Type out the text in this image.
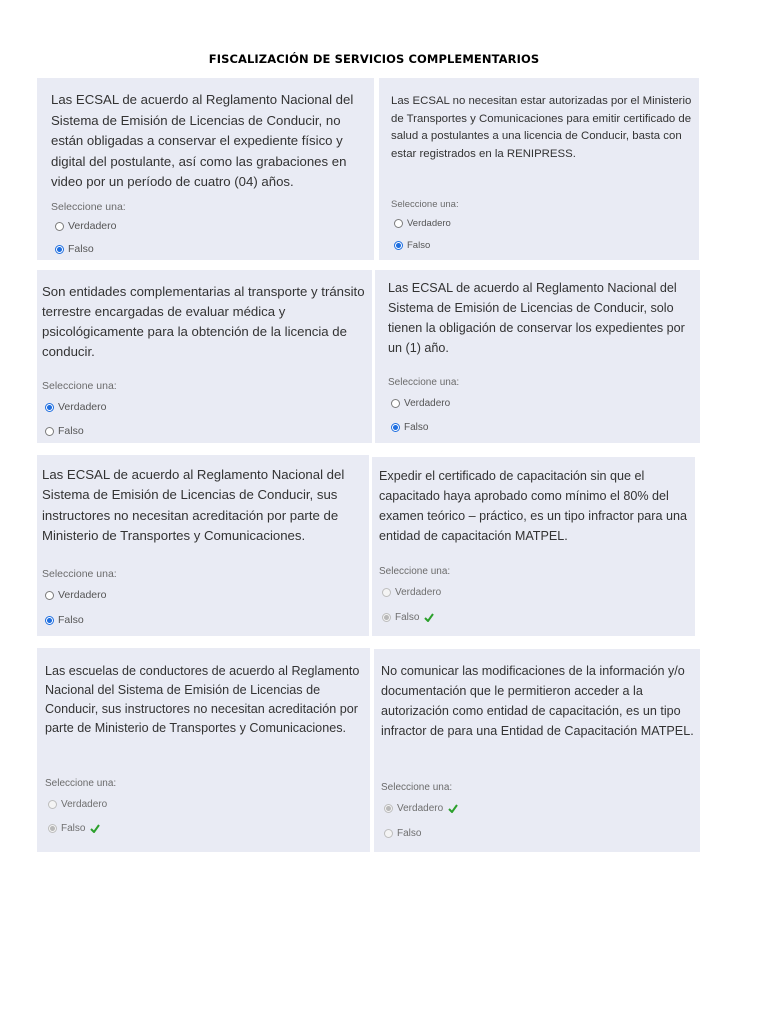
FISCALIZACIÓN DE SERVICIOS COMPLEMENTARIOS

Las ECSAL de acuerdo al Reglamento Nacional del Sistema de Emisión de Licencias de Conducir, no están obligadas a conservar el expediente físico y digital del postulante, así como las grabaciones en video por un período de cuatro (04) años.

Seleccione una:
Verdadero
Falso

Las ECSAL no necesitan estar autorizadas por el Ministerio de Transportes y Comunicaciones para emitir certificado de salud a postulantes a una licencia de Conducir, basta con estar registrados en la RENIPRESS.

Seleccione una:
Verdadero
Falso

Son entidades complementarias al transporte y tránsito terrestre encargadas de evaluar médica y psicológicamente para la obtención de la licencia de conducir.

Seleccione una:
Verdadero
Falso

Las ECSAL de acuerdo al Reglamento Nacional del Sistema de Emisión de Licencias de Conducir, solo tienen la obligación de conservar los expedientes por un (1) año.

Seleccione una:
Verdadero
Falso

Las ECSAL de acuerdo al Reglamento Nacional del Sistema de Emisión de Licencias de Conducir, sus instructores no necesitan acreditación por parte de Ministerio de Transportes y Comunicaciones.

Seleccione una:
Verdadero
Falso

Expedir el certificado de capacitación sin que el capacitado haya aprobado como mínimo el 80% del examen teórico – práctico, es un tipo infractor para una entidad de capacitación MATPEL.

Seleccione una:
Verdadero
Falso

Las escuelas de conductores de acuerdo al Reglamento Nacional del Sistema de Emisión de Licencias de Conducir, sus instructores no necesitan acreditación por parte de Ministerio de Transportes y Comunicaciones.

Seleccione una:
Verdadero
Falso

No comunicar las modificaciones de la información y/o documentación que le permitieron acceder a la autorización como entidad de capacitación, es un tipo infractor de para una Entidad de Capacitación MATPEL.

Seleccione una:
Verdadero
Falso
